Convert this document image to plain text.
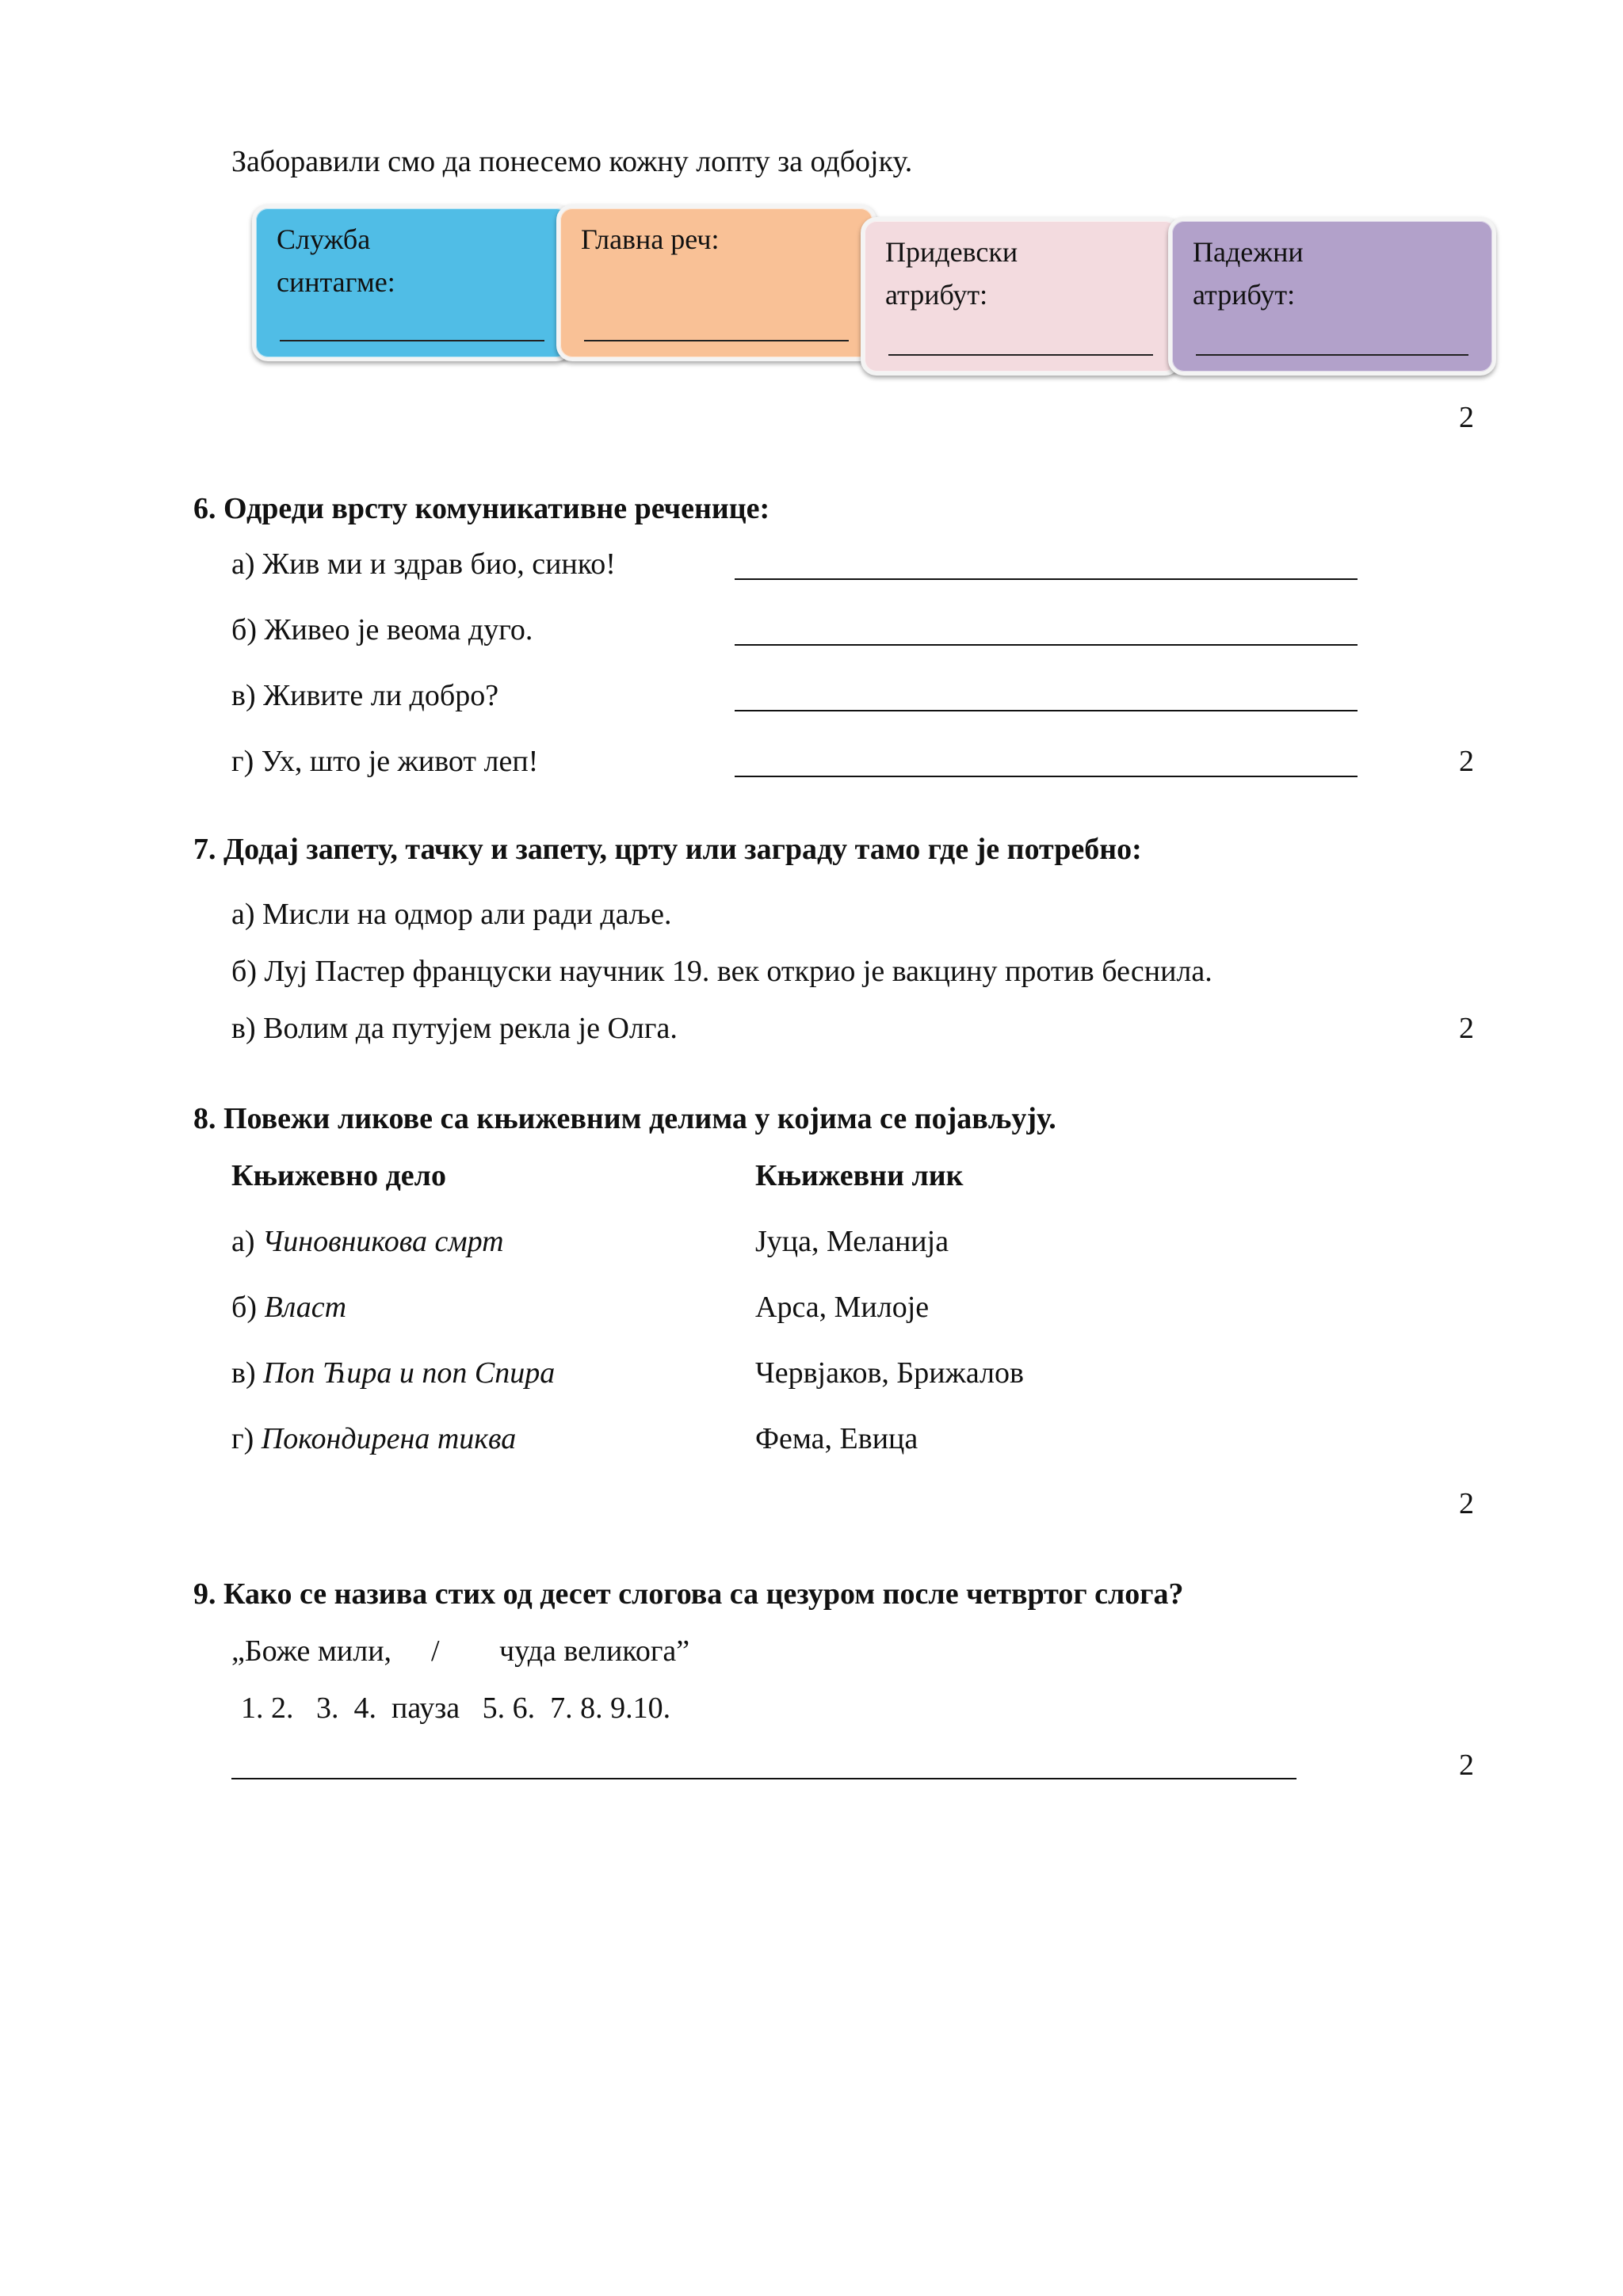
Заборавили смо да понесемо кожну лопту за одбојку.
Служба
синтагме:
Главна реч:	Придевски
атрибут:
Падежни
атрибут:
2
6. Одреди врсту комуникативне реченице:
а) Жив ми и здрав био, синко!
б) Живео је веома дуго.
в) Живите ли добро?
г) Ух, што је живот леп!	2
7. Додај запету, тачку и запету, црту или заграду тамо где је потребно:
а) Мисли на одмор али ради даље.
б) Луј Пастер француски научник 19. век открио је вакцину против беснила.
в) Волим да путујем рекла је Олга.	2
8. Повежи ликове са књижевним делима у којима се појављују.
Књижевно дело	Књижевни лик
а) Чиновникова смрт	Јуца, Меланија
б) Власт	Арса, Милоје
в) Поп Ћира и поп Спира	Червјаков, Брижалов
г) Покондирена тиква	Фема, Евица
2
9. Како се назива стих од десет слогова са цезуром после четвртог слога?
„Боже мили, / чуда великога”
1. 2.   3.  4.  пауза   5. 6.  7. 8. 9.10.
2
